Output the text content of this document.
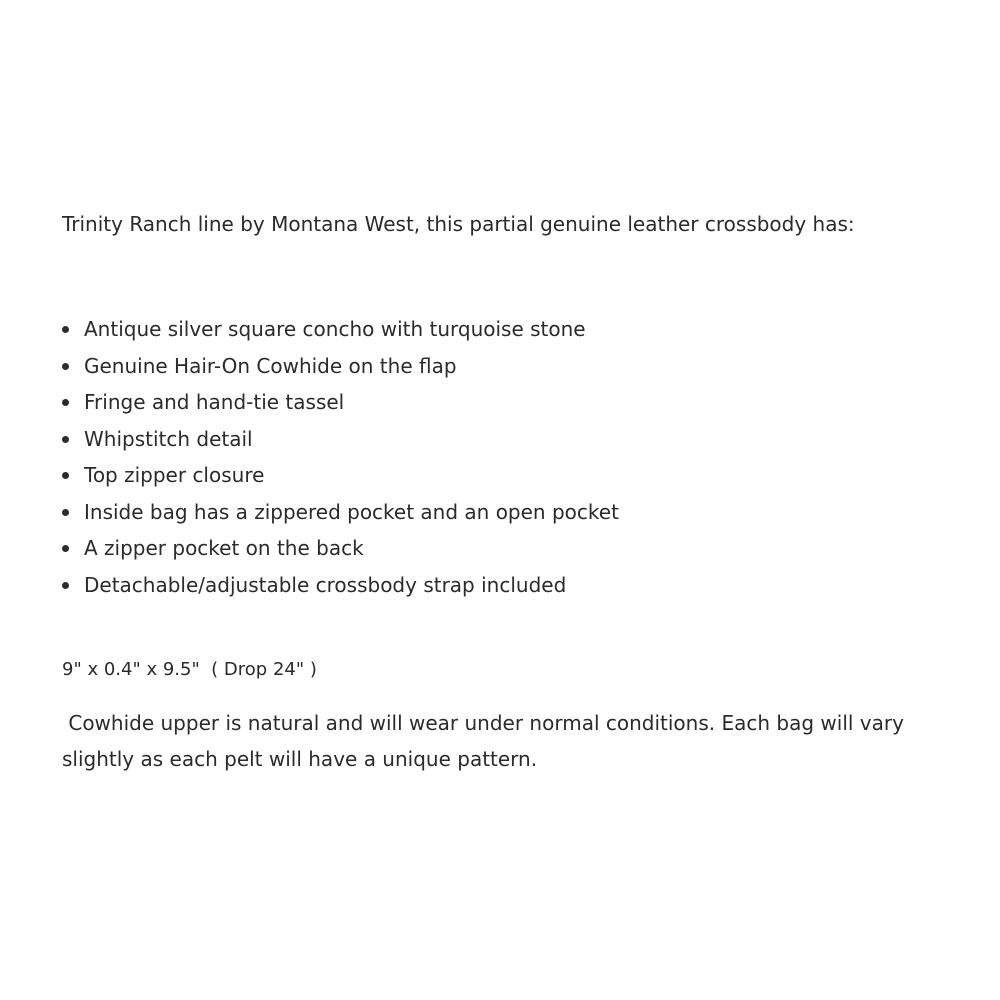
Trinity Ranch line by Montana West, this partial genuine leather crossbody has:

Antique silver square concho with turquoise stone
Genuine Hair-On Cowhide on the flap
Fringe and hand-tie tassel
Whipstitch detail
Top zipper closure
Inside bag has a zippered pocket and an open pocket
A zipper pocket on the back
Detachable/adjustable crossbody strap included

9" x 0.4" x 9.5"  ( Drop 24" )

Cowhide upper is natural and will wear under normal conditions. Each bag will vary slightly as each pelt will have a unique pattern.
